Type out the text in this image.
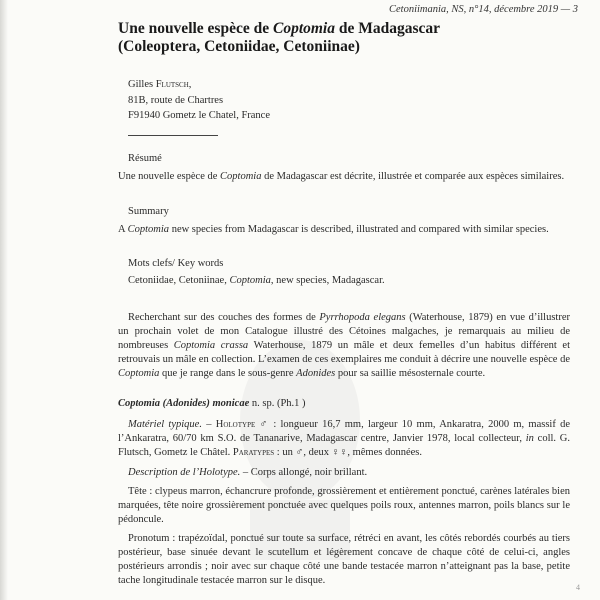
Cetoniimania, NS, n°14, décembre 2019 — 3
Une nouvelle espèce de Coptomia de Madagascar
(Coleoptera, Cetoniidae, Cetoniinae)
Gilles Flutsch,
81B, route de Chartres
F91940 Gometz le Chatel, France
Résumé
Une nouvelle espèce de Coptomia de Madagascar est décrite, illustrée et comparée aux espèces similaires.
Summary
A Coptomia new species from Madagascar is described, illustrated and compared with similar species.
Mots clefs/ Key words
Cetoniidae, Cetoniinae, Coptomia, new species, Madagascar.
Recherchant sur des couches des formes de Pyrrhopoda elegans (Waterhouse, 1879) en vue d’illustrer un prochain volet de mon Catalogue illustré des Cétoines malgaches, je remarquais au milieu de nombreuses Coptomia crassa Waterhouse, 1879 un mâle et deux femelles d’un habitus différent et retrouvais un mâle en collection. L’examen de ces exemplaires me conduit à décrire une nouvelle espèce de Coptomia que je range dans le sous-genre Adonides pour sa saillie mésosternale courte.
Coptomia (Adonides) monicae n. sp. (Ph.1 )
Matériel typique. – Holotype ♂ : longueur 16,7 mm, largeur 10 mm, Ankaratra, 2000 m, massif de l’Ankaratra, 60/70 km S.O. de Tananarive, Madagascar centre, Janvier 1978, local collecteur, in coll. G. Flutsch, Gometz le Châtel. Paratypes : un ♂, deux ♀♀, mêmes données.
Description de l’Holotype. – Corps allongé, noir brillant.
Tête : clypeus marron, échancrure profonde, grossièrement et entièrement ponctué, carènes latérales bien marquées, tête noire grossièrement ponctuée avec quelques poils roux, antennes marron, poils blancs sur le pédoncule.
Pronotum : trapézoïdal, ponctué sur toute sa surface, rétréci en avant, les côtés rebordés courbés au tiers postérieur, base sinuée devant le scutellum et légèrement concave de chaque côté de celui-ci, angles postérieurs arrondis ; noir avec sur chaque côté une bande testacée marron n’atteignant pas la base, petite tache longitudinale testacée marron sur le disque.
4
